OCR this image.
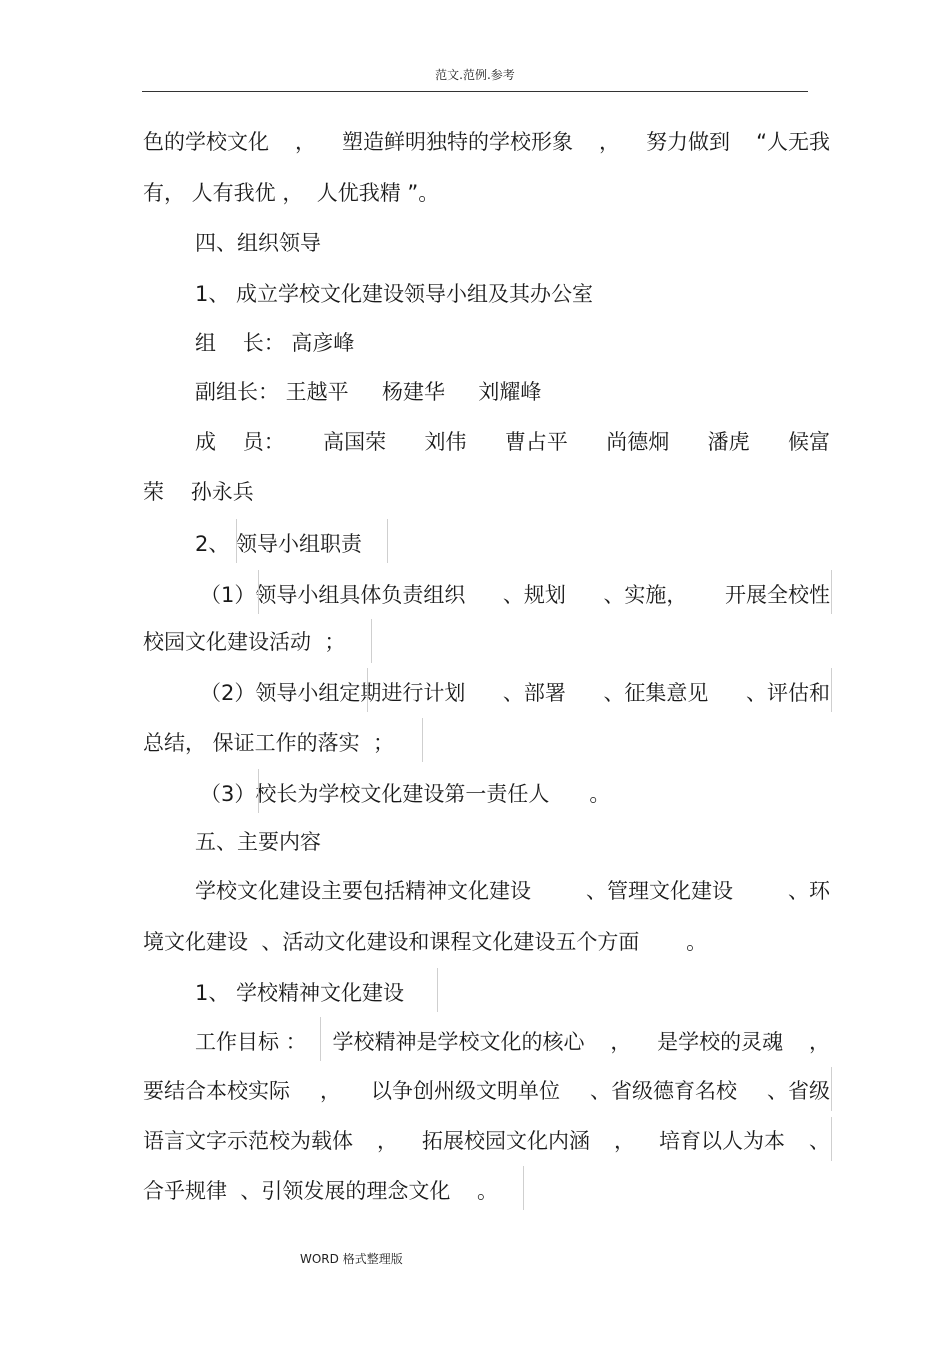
范文.范例.参考
色的学校文化 ， 塑造鲜明独特的学校形象 ， 努力做到 “人无我
有， 人有我优 ，  人优我精 ”。
四、组织领导
1、 成立学校文化建设领导小组及其办公室
组    长： 高彦峰
副组长： 王越平     杨建华     刘耀峰
成    员： 高国荣 刘伟 曹占平 尚德炯 潘虎 候富
荣    孙永兵
2、 领导小组职责
（1）领导小组具体负责组织 、规划 、实施， 开展全校性
校园文化建设活动  ；
（2）领导小组定期进行计划 、部署 、征集意见 、评估和
总结， 保证工作的落实  ；
（3）校长为学校文化建设第一责任人      。
五、主要内容
学校文化建设主要包括精神文化建设	、管理文化建设	、环
境文化建设  、活动文化建设和课程文化建设五个方面       。
1、 学校精神文化建设
工作目标 ： 学校精神是学校文化的核心 ， 是学校的灵魂 ，
要结合本校实际 ， 以争创州级文明单位 、省级德育名校 、省级
语言文字示范校为载体 ， 拓展校园文化内涵 ， 培育以人为本 、
合乎规律  、引领发展的理念文化    。
WORD 格式整理版
